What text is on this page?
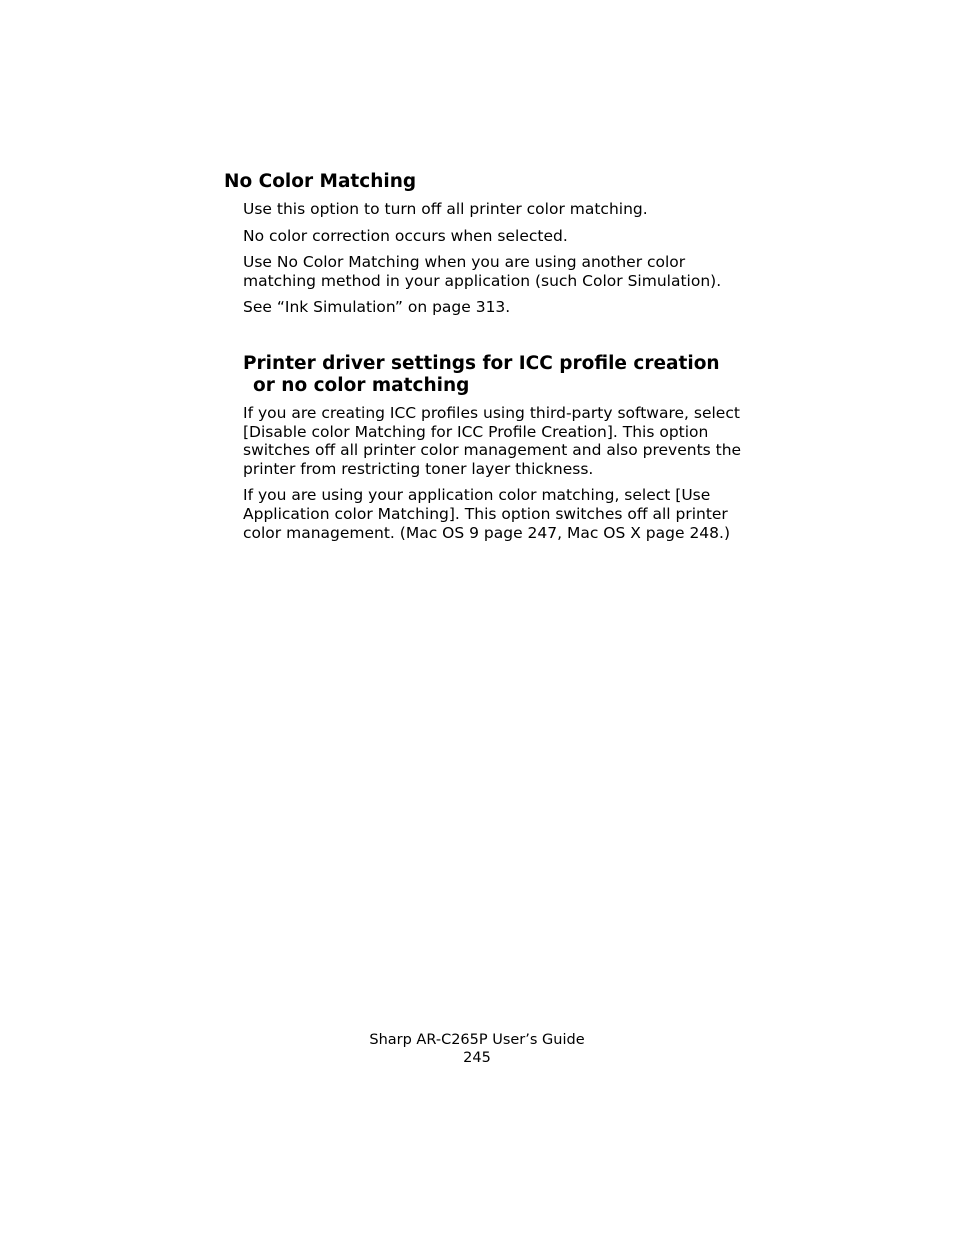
No Color Matching

Use this option to turn off all printer color matching.

No color correction occurs when selected.

Use No Color Matching when you are using another color matching method in your application (such Color Simulation).

See “Ink Simulation” on page 313.

Printer driver settings for ICC profile creation
or no color matching

If you are creating ICC profiles using third-party software, select [Disable color Matching for ICC Profile Creation]. This option switches off all printer color management and also prevents the printer from restricting toner layer thickness.

If you are using your application color matching, select [Use Application color Matching]. This option switches off all printer color management. (Mac OS 9 page 247, Mac OS X page 248.)

Sharp AR-C265P User’s Guide
245
